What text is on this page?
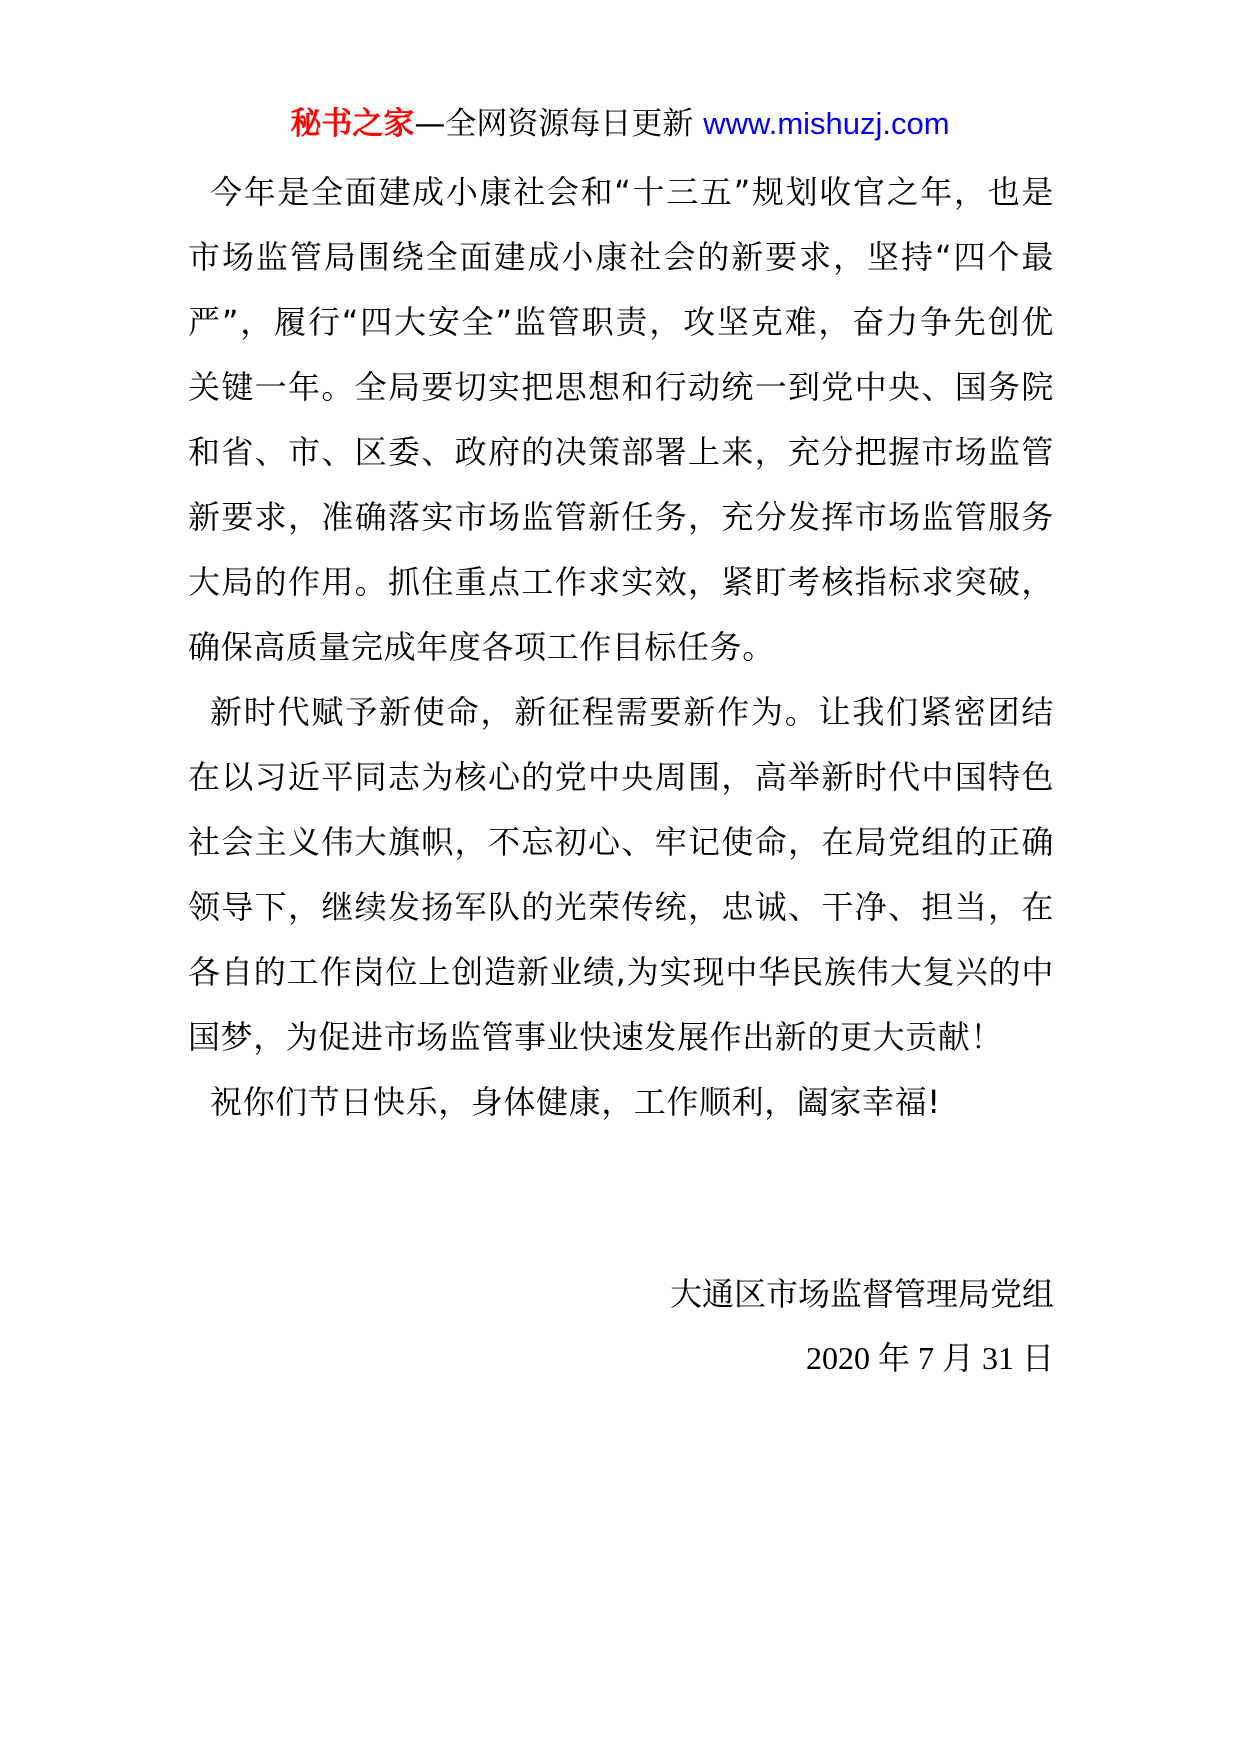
秘书之家—全网资源每日更新 www.mishuzj.com

今年是全面建成小康社会和“十三五”规划收官之年，也是市场监管局围绕全面建成小康社会的新要求，坚持“四个最严”，履行“四大安全”监管职责，攻坚克难，奋力争先创优关键一年。全局要切实把思想和行动统一到党中央、国务院和省、市、区委、政府的决策部署上来，充分把握市场监管新要求，准确落实市场监管新任务，充分发挥市场监管服务大局的作用。抓住重点工作求实效，紧盯考核指标求突破，确保高质量完成年度各项工作目标任务。

新时代赋予新使命，新征程需要新作为。让我们紧密团结在以习近平同志为核心的党中央周围，高举新时代中国特色社会主义伟大旗帜，不忘初心、牢记使命，在局党组的正确领导下，继续发扬军队的光荣传统，忠诚、干净、担当，在各自的工作岗位上创造新业绩,为实现中华民族伟大复兴的中国梦，为促进市场监管事业快速发展作出新的更大贡献！

祝你们节日快乐，身体健康，工作顺利，阖家幸福!

大通区市场监督管理局党组
2020 年 7 月 31 日
